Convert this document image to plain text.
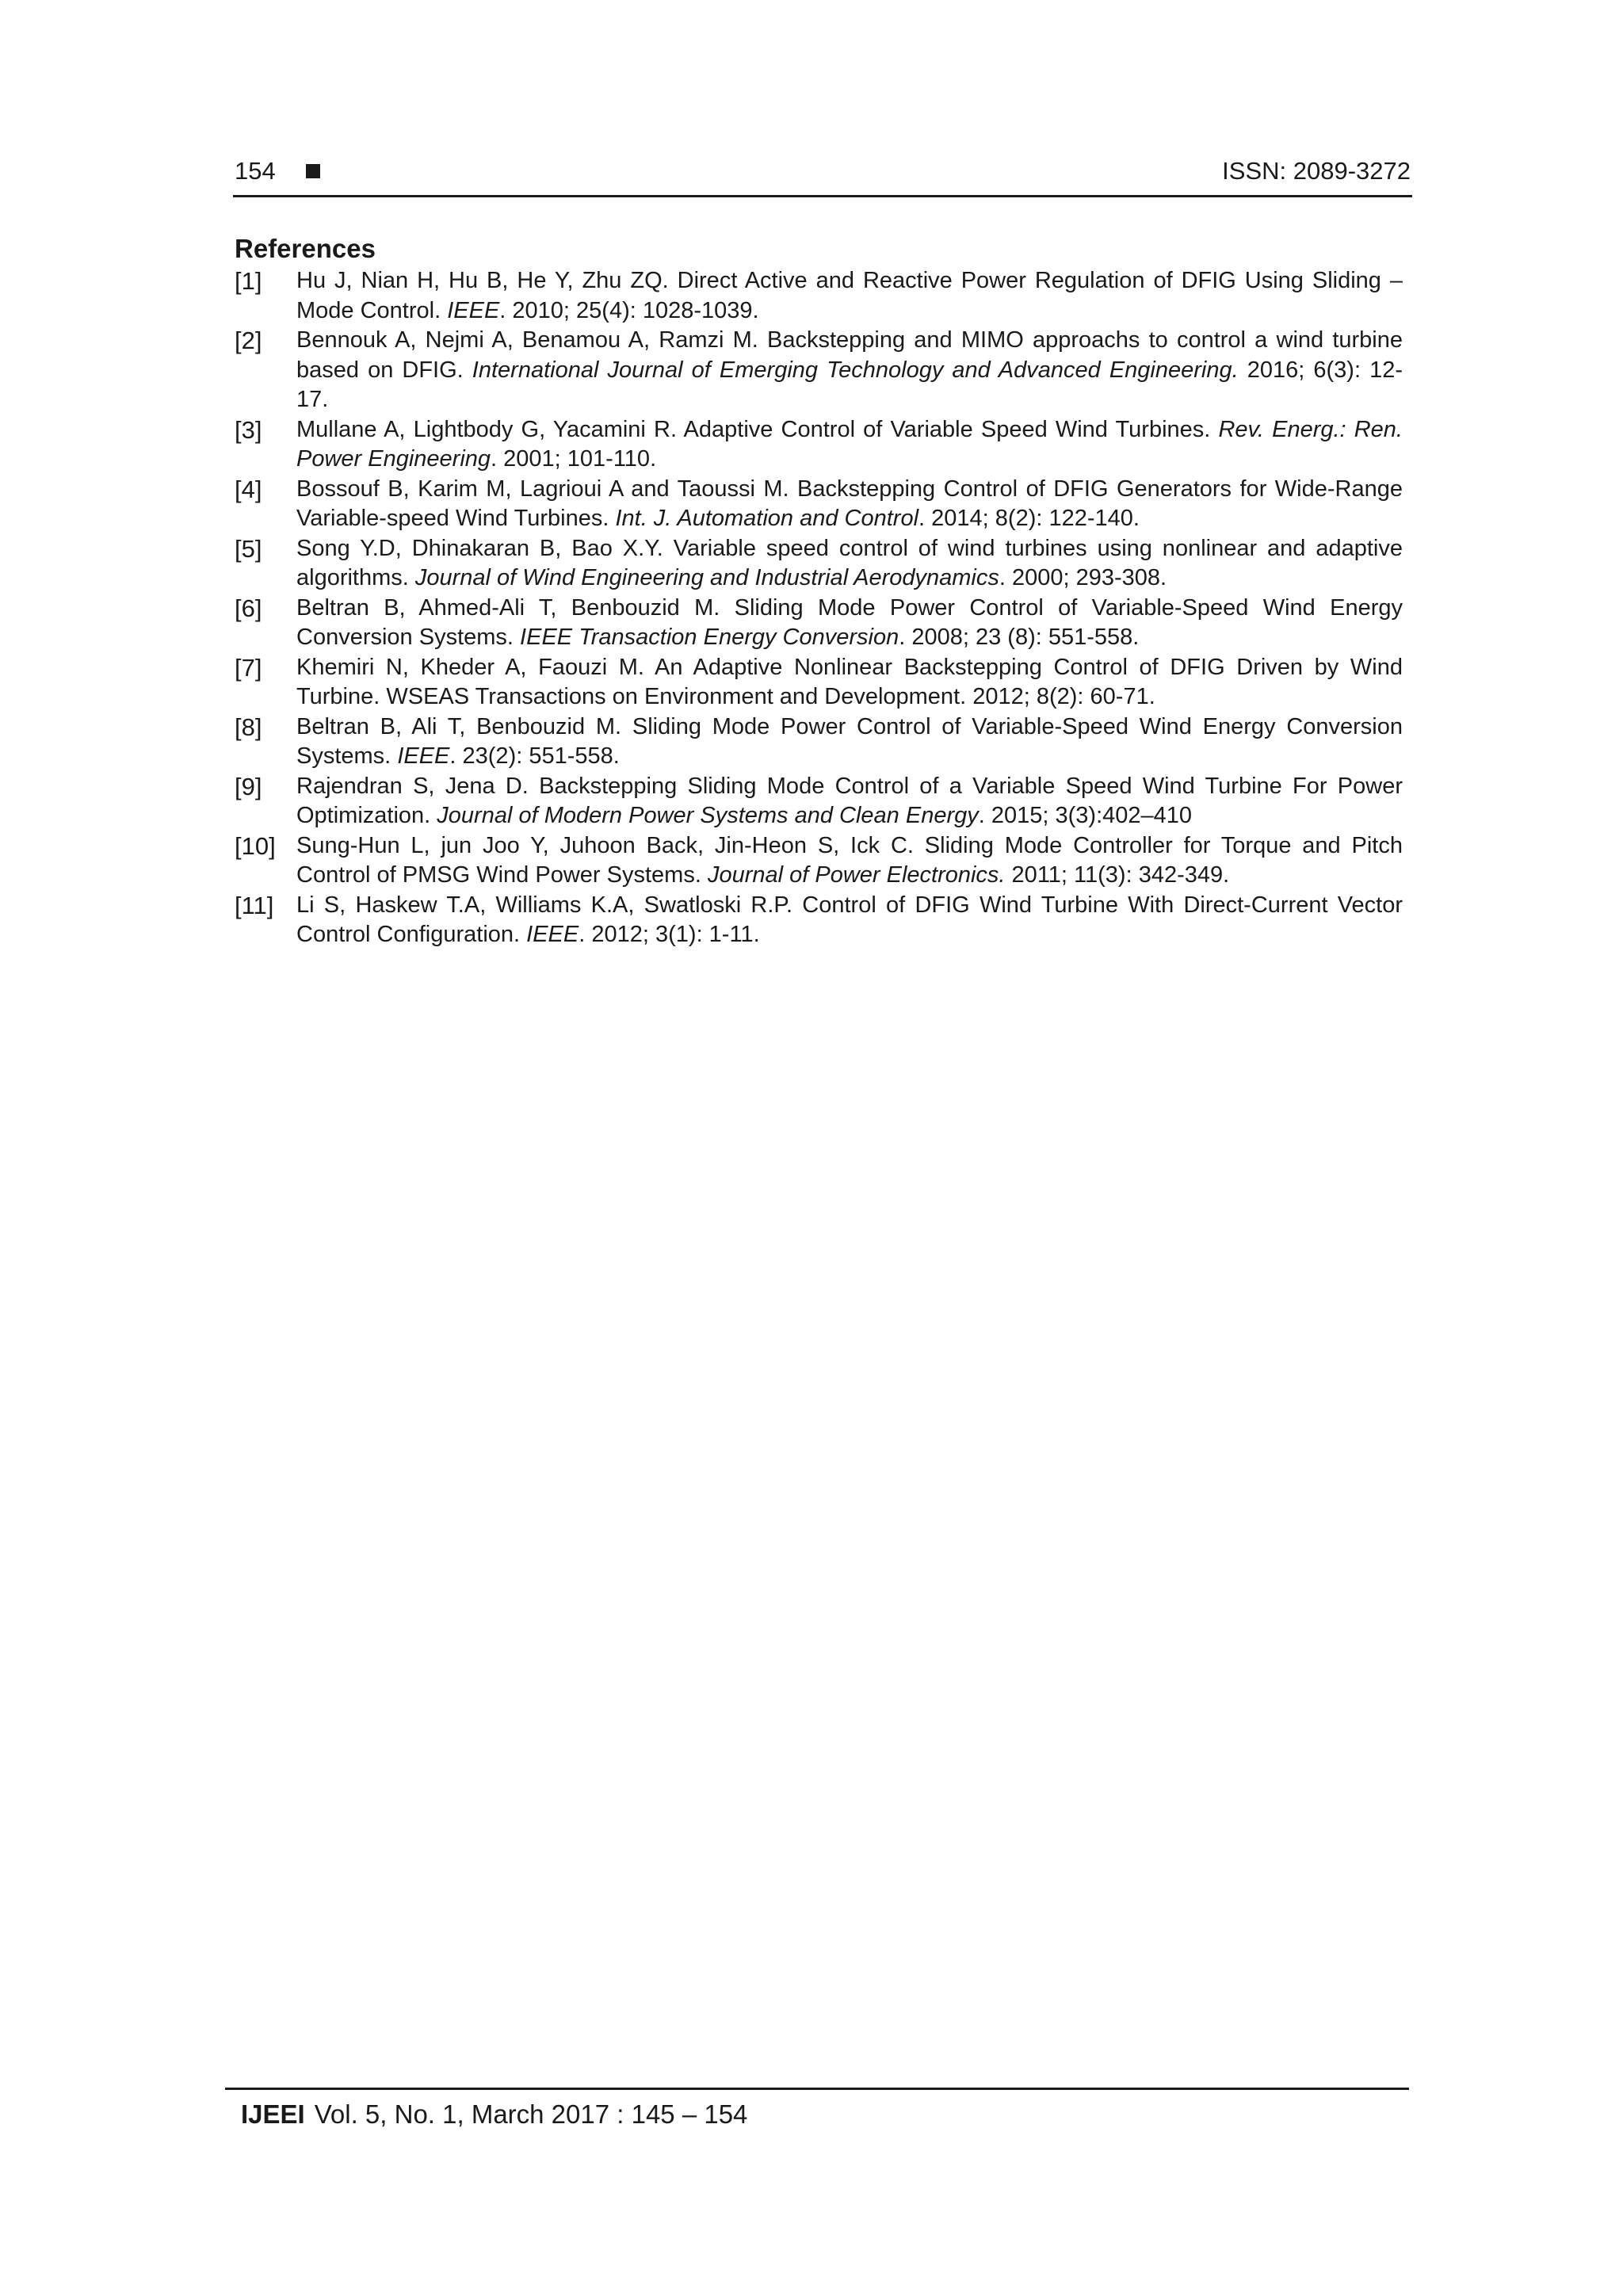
154	ISSN: 2089-3272
References
[1] Hu J, Nian H, Hu B, He Y, Zhu ZQ. Direct Active and Reactive Power Regulation of DFIG Using Sliding –Mode Control. IEEE. 2010; 25(4): 1028-1039.
[2] Bennouk A, Nejmi A, Benamou A, Ramzi M. Backstepping and MIMO approachs to control a wind turbine based on DFIG. International Journal of Emerging Technology and Advanced Engineering. 2016; 6(3): 12-17.
[3] Mullane A, Lightbody G, Yacamini R. Adaptive Control of Variable Speed Wind Turbines. Rev. Energ.: Ren. Power Engineering. 2001; 101-110.
[4] Bossouf B, Karim M, Lagrioui A and Taoussi M. Backstepping Control of DFIG Generators for Wide-Range Variable-speed Wind Turbines. Int. J. Automation and Control. 2014; 8(2): 122-140.
[5] Song Y.D, Dhinakaran B, Bao X.Y. Variable speed control of wind turbines using nonlinear and adaptive algorithms. Journal of Wind Engineering and Industrial Aerodynamics. 2000; 293-308.
[6] Beltran B, Ahmed-Ali T, Benbouzid M. Sliding Mode Power Control of Variable-Speed Wind Energy Conversion Systems. IEEE Transaction Energy Conversion. 2008; 23 (8): 551-558.
[7] Khemiri N, Kheder A, Faouzi M. An Adaptive Nonlinear Backstepping Control of DFIG Driven by Wind Turbine. WSEAS Transactions on Environment and Development. 2012; 8(2): 60-71.
[8] Beltran B, Ali T, Benbouzid M. Sliding Mode Power Control of Variable-Speed Wind Energy Conversion Systems. IEEE. 23(2): 551-558.
[9] Rajendran S, Jena D. Backstepping Sliding Mode Control of a Variable Speed Wind Turbine For Power Optimization. Journal of Modern Power Systems and Clean Energy. 2015; 3(3):402–410
[10] Sung-Hun L, jun Joo Y, Juhoon Back, Jin-Heon S, Ick C. Sliding Mode Controller for Torque and Pitch Control of PMSG Wind Power Systems. Journal of Power Electronics. 2011; 11(3): 342-349.
[11] Li S, Haskew T.A, Williams K.A, Swatloski R.P. Control of DFIG Wind Turbine With Direct-Current Vector Control Configuration. IEEE. 2012; 3(1): 1-11.
IJEEI Vol. 5, No. 1, March 2017 : 145 – 154
